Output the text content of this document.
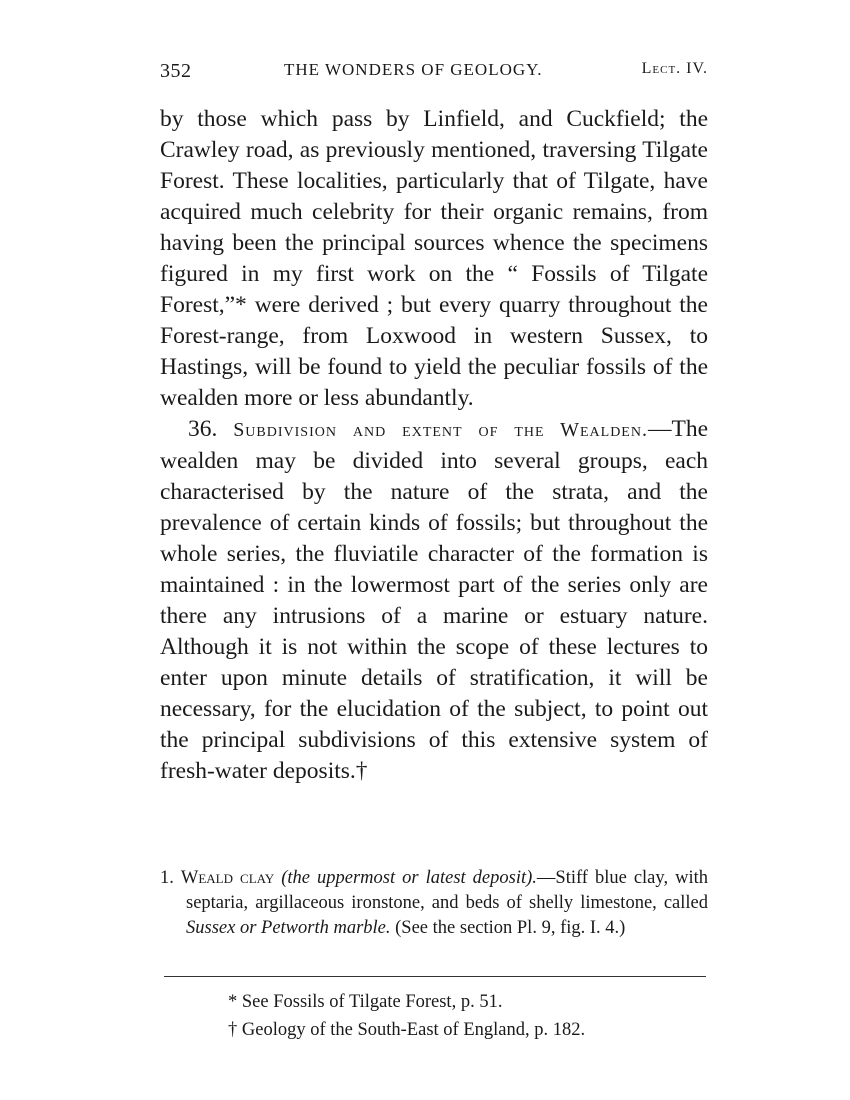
352	THE WONDERS OF GEOLOGY.	Lect. IV.

by those which pass by Linfield, and Cuckfield; the Crawley road, as previously mentioned, traversing Tilgate Forest. These localities, particularly that of Tilgate, have acquired much celebrity for their organic remains, from having been the principal sources whence the specimens figured in my first work on the “ Fossils of Tilgate Forest,”* were derived ; but every quarry throughout the Forest-range, from Loxwood in western Sussex, to Hastings, will be found to yield the peculiar fossils of the wealden more or less abundantly.

36. Subdivision and extent of the Wealden.—The wealden may be divided into several groups, each characterised by the nature of the strata, and the prevalence of certain kinds of fossils; but throughout the whole series, the fluviatile character of the formation is maintained : in the lowermost part of the series only are there any intrusions of a marine or estuary nature. Although it is not within the scope of these lectures to enter upon minute details of stratification, it will be necessary, for the elucidation of the subject, to point out the principal subdivisions of this extensive system of fresh-water deposits.†

1. Weald clay (the uppermost or latest deposit).—Stiff blue clay, with septaria, argillaceous ironstone, and beds of shelly limestone, called Sussex or Petworth marble. (See the section Pl. 9, fig. I. 4.)

* See Fossils of Tilgate Forest, p. 51.

† Geology of the South-East of England, p. 182.
